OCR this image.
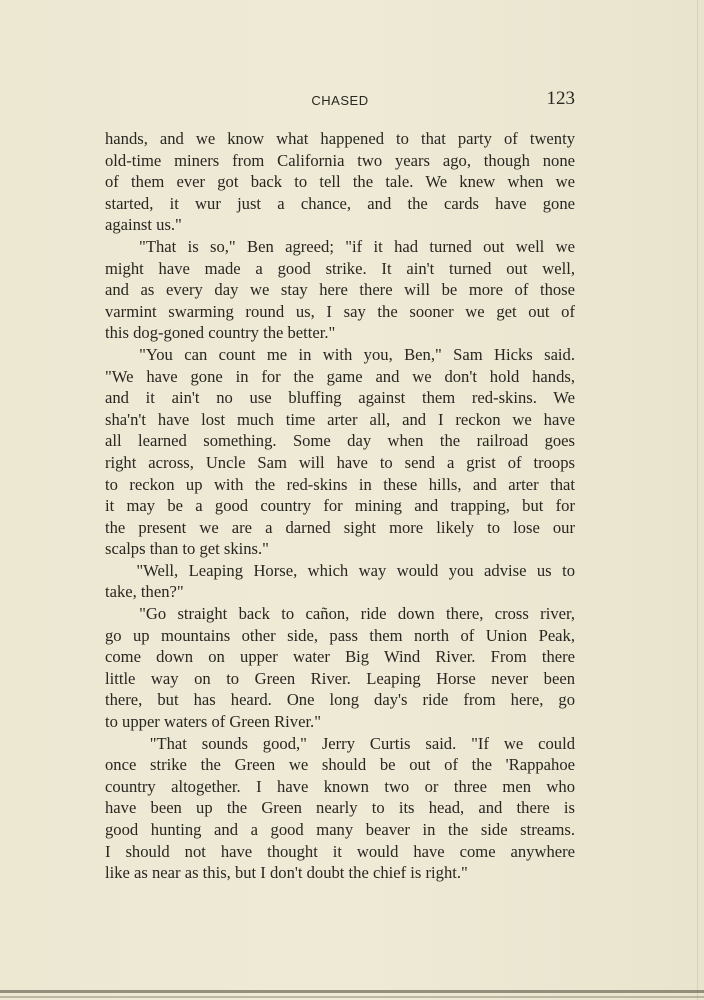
CHASED	123
hands, and we know what happened to that party of twenty
old-time miners from California two years ago, though none
of them ever got back to tell the tale. We knew when we
started, it wur just a chance, and the cards have gone
against us."
"That is so," Ben agreed; "if it had turned out well we
might have made a good strike. It ain't turned out well,
and as every day we stay here there will be more of those
varmint swarming round us, I say the sooner we get out of
this dog-goned country the better."
"You can count me in with you, Ben," Sam Hicks said.
"We have gone in for the game and we don't hold hands,
and it ain't no use bluffing against them red-skins. We
sha'n't have lost much time arter all, and I reckon we have
all learned something. Some day when the railroad goes
right across, Uncle Sam will have to send a grist of troops
to reckon up with the red-skins in these hills, and arter that
it may be a good country for mining and trapping, but for
the present we are a darned sight more likely to lose our
scalps than to get skins."
"Well, Leaping Horse, which way would you advise us to
take, then?"
"Go straight back to cañon, ride down there, cross river,
go up mountains other side, pass them north of Union Peak,
come down on upper water Big Wind River. From there
little way on to Green River. Leaping Horse never been
there, but has heard. One long day's ride from here, go
to upper waters of Green River."
"That sounds good," Jerry Curtis said. "If we could
once strike the Green we should be out of the 'Rappahoe
country altogether. I have known two or three men who
have been up the Green nearly to its head, and there is
good hunting and a good many beaver in the side streams.
I should not have thought it would have come anywhere
like as near as this, but I don't doubt the chief is right."
